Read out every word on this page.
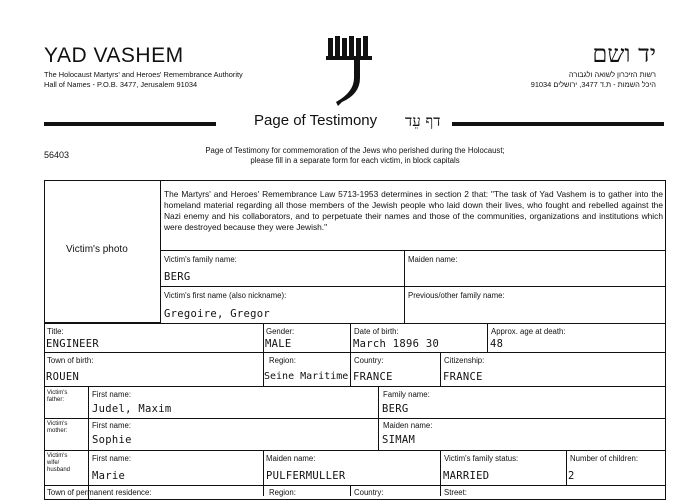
YAD VASHEM
The Holocaust Martyrs' and Heroes' Remembrance Authority
Hall of Names - P.O.B. 3477, Jerusalem 91034
יד ושם
רשות הזיכרון לשואה ולגבורה
היכל השמות - ת.ד 3477, ירושלים 91034
Page of Testimony דף עֵד
56403	Page of Testimony for commemoration of the Jews who perished during the Holocaust;
please fill in a separate form for each victim, in block capitals
Victim's photo
The Martyrs' and Heroes' Remembrance Law 5713-1953 determines in section 2 that: "The task of Yad Vashem is to gather into the homeland material regarding all those members of the Jewish people who laid down their lives, who fought and rebelled against the Nazi enemy and his collaborators, and to perpetuate their names and those of the communities, organizations and institutions which were destroyed because they were Jewish."
Victim's family name:
BERG
Maiden name:
Victim's first name (also nickname):
Gregoire, Gregor
Previous/other family name:
Title:
ENGINEER
Gender:
MALE
Date of birth:
March 1896 30
Approx. age at death:
48
Town of birth:
ROUEN
Region:
Seine Maritime
Country:
FRANCE
Citizenship:
FRANCE
Victim's
father:
First name:
Judel, Maxim
Family name:
BERG
Victim's
mother:
First name:
Sophie
Maiden name:
SIMAM
Victim's
wife/
husband
First name:
Marie
Maiden name:
PULFERMULLER
Victim's family status:
MARRIED
Number of children:
2
Town of permanent residence:	Region:	Country:	Street:
